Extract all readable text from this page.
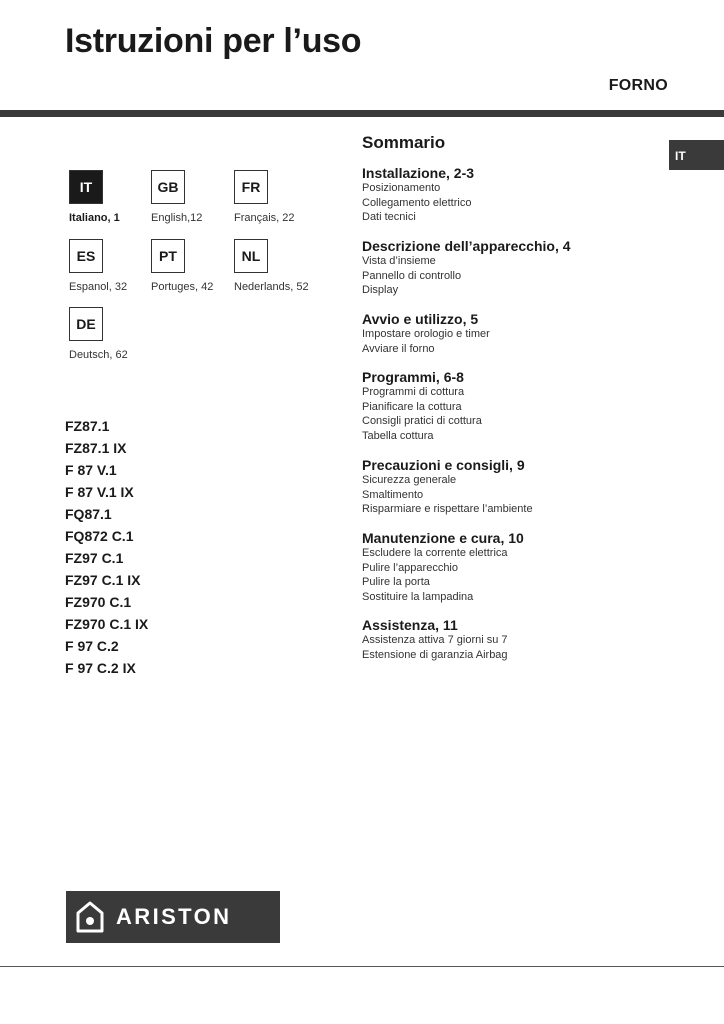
Istruzioni per l’uso
FORNO
IT
IT
Italiano, 1
GB
English,12
FR
Français, 22
ES
Espanol, 32
PT
Portuges, 42
NL
Nederlands, 52
DE
Deutsch, 62
FZ87.1
FZ87.1 IX
F 87 V.1
F 87 V.1 IX
FQ87.1
FQ872 C.1
FZ97 C.1
FZ97 C.1 IX
FZ970 C.1
FZ970 C.1 IX
F 97 C.2
F 97 C.2 IX
Sommario
Installazione, 2-3
Posizionamento
Collegamento elettrico
Dati tecnici
Descrizione dell’apparecchio, 4
Vista d’insieme
Pannello di controllo
Display
Avvio e utilizzo, 5
Impostare orologio e timer
Avviare il forno
Programmi, 6-8
Programmi di cottura
Pianificare la cottura
Consigli pratici di cottura
Tabella cottura
Precauzioni e consigli, 9
Sicurezza generale
Smaltimento
Risparmiare e rispettare l’ambiente
Manutenzione e cura, 10
Escludere la corrente elettrica
Pulire l’apparecchio
Pulire la porta
Sostituire la lampadina
Assistenza, 11
Assistenza attiva 7 giorni su 7
Estensione di garanzia Airbag
ARISTON
